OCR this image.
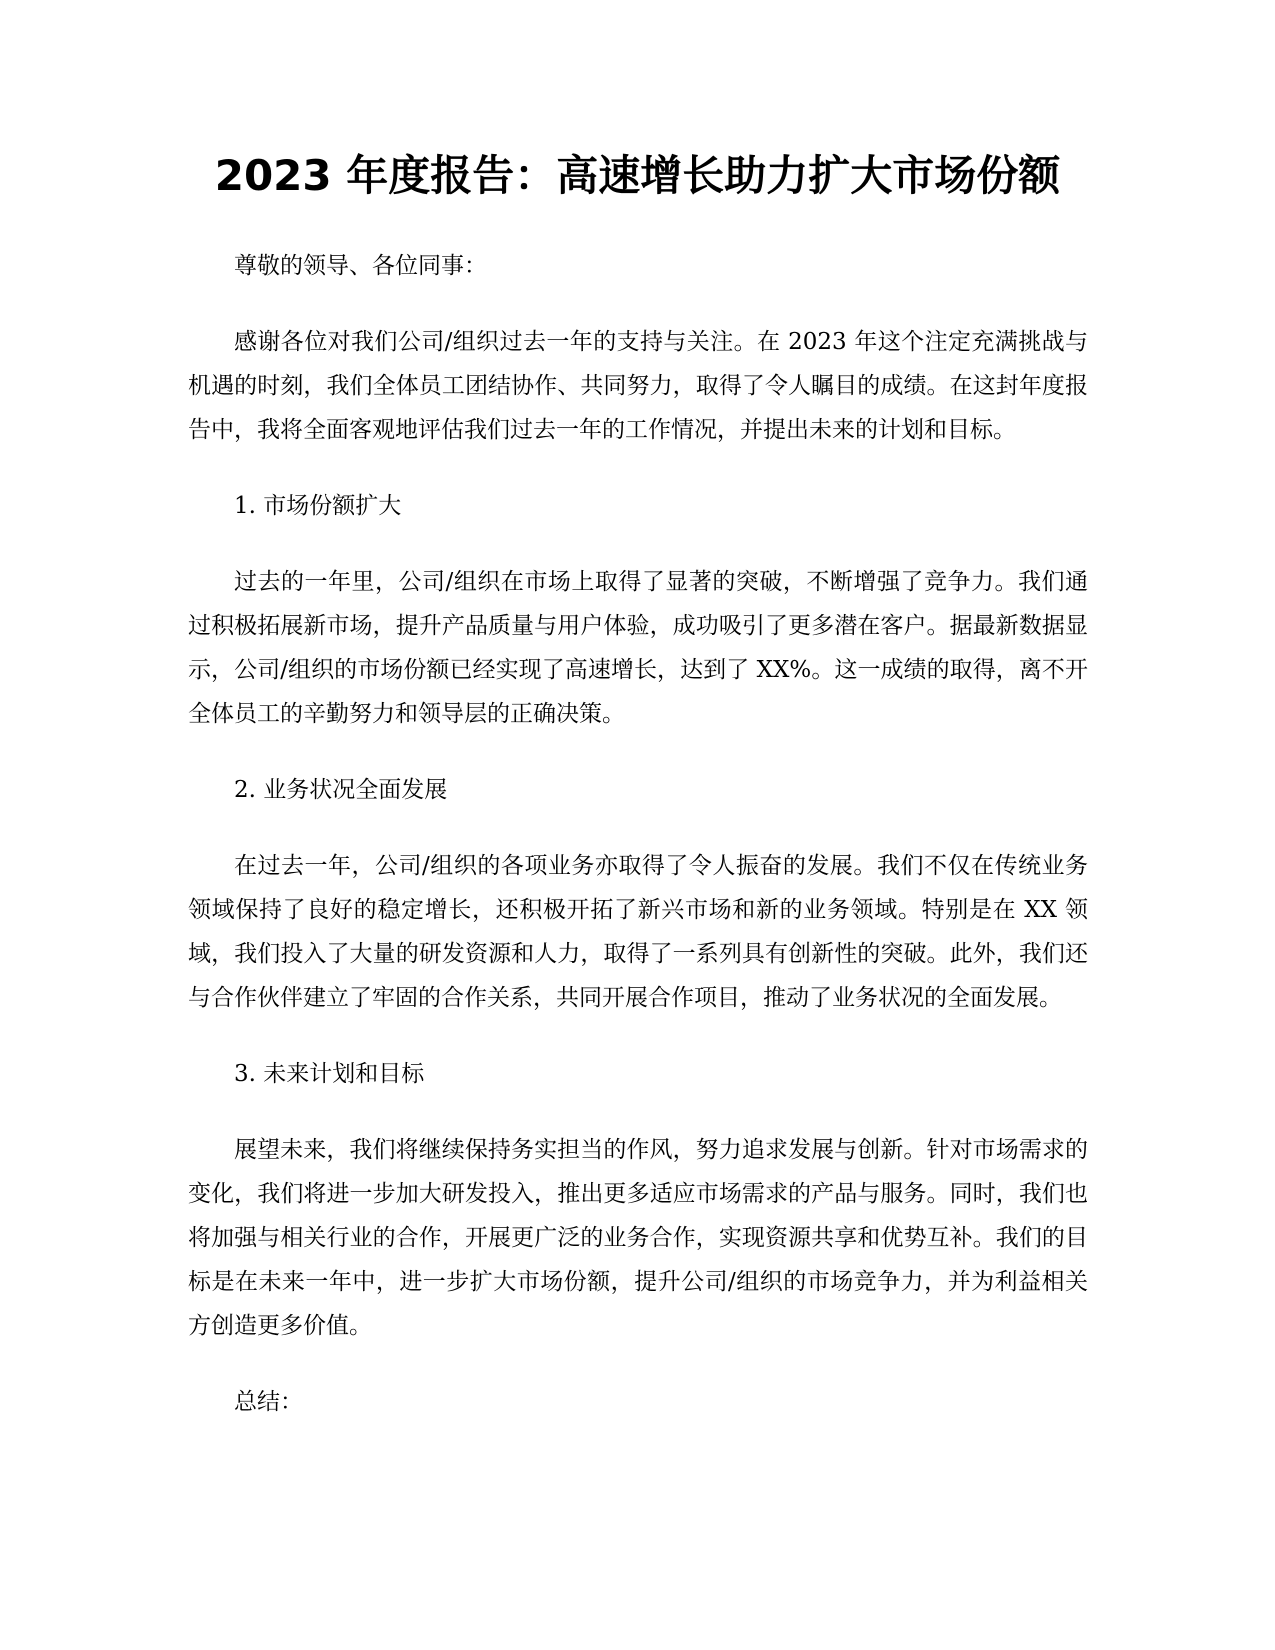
2023 年度报告：高速增长助力扩大市场份额

尊敬的领导、各位同事：

感谢各位对我们公司/组织过去一年的支持与关注。在 2023 年这个注定充满挑战与机遇的时刻，我们全体员工团结协作、共同努力，取得了令人瞩目的成绩。在这封年度报告中，我将全面客观地评估我们过去一年的工作情况，并提出未来的计划和目标。

1. 市场份额扩大

过去的一年里，公司/组织在市场上取得了显著的突破，不断增强了竞争力。我们通过积极拓展新市场，提升产品质量与用户体验，成功吸引了更多潜在客户。据最新数据显示，公司/组织的市场份额已经实现了高速增长，达到了 XX%。这一成绩的取得，离不开全体员工的辛勤努力和领导层的正确决策。

2. 业务状况全面发展

在过去一年，公司/组织的各项业务亦取得了令人振奋的发展。我们不仅在传统业务领域保持了良好的稳定增长，还积极开拓了新兴市场和新的业务领域。特别是在 XX 领域，我们投入了大量的研发资源和人力，取得了一系列具有创新性的突破。此外，我们还与合作伙伴建立了牢固的合作关系，共同开展合作项目，推动了业务状况的全面发展。

3. 未来计划和目标

展望未来，我们将继续保持务实担当的作风，努力追求发展与创新。针对市场需求的变化，我们将进一步加大研发投入，推出更多适应市场需求的产品与服务。同时，我们也将加强与相关行业的合作，开展更广泛的业务合作，实现资源共享和优势互补。我们的目标是在未来一年中，进一步扩大市场份额，提升公司/组织的市场竞争力，并为利益相关方创造更多价值。

总结：
